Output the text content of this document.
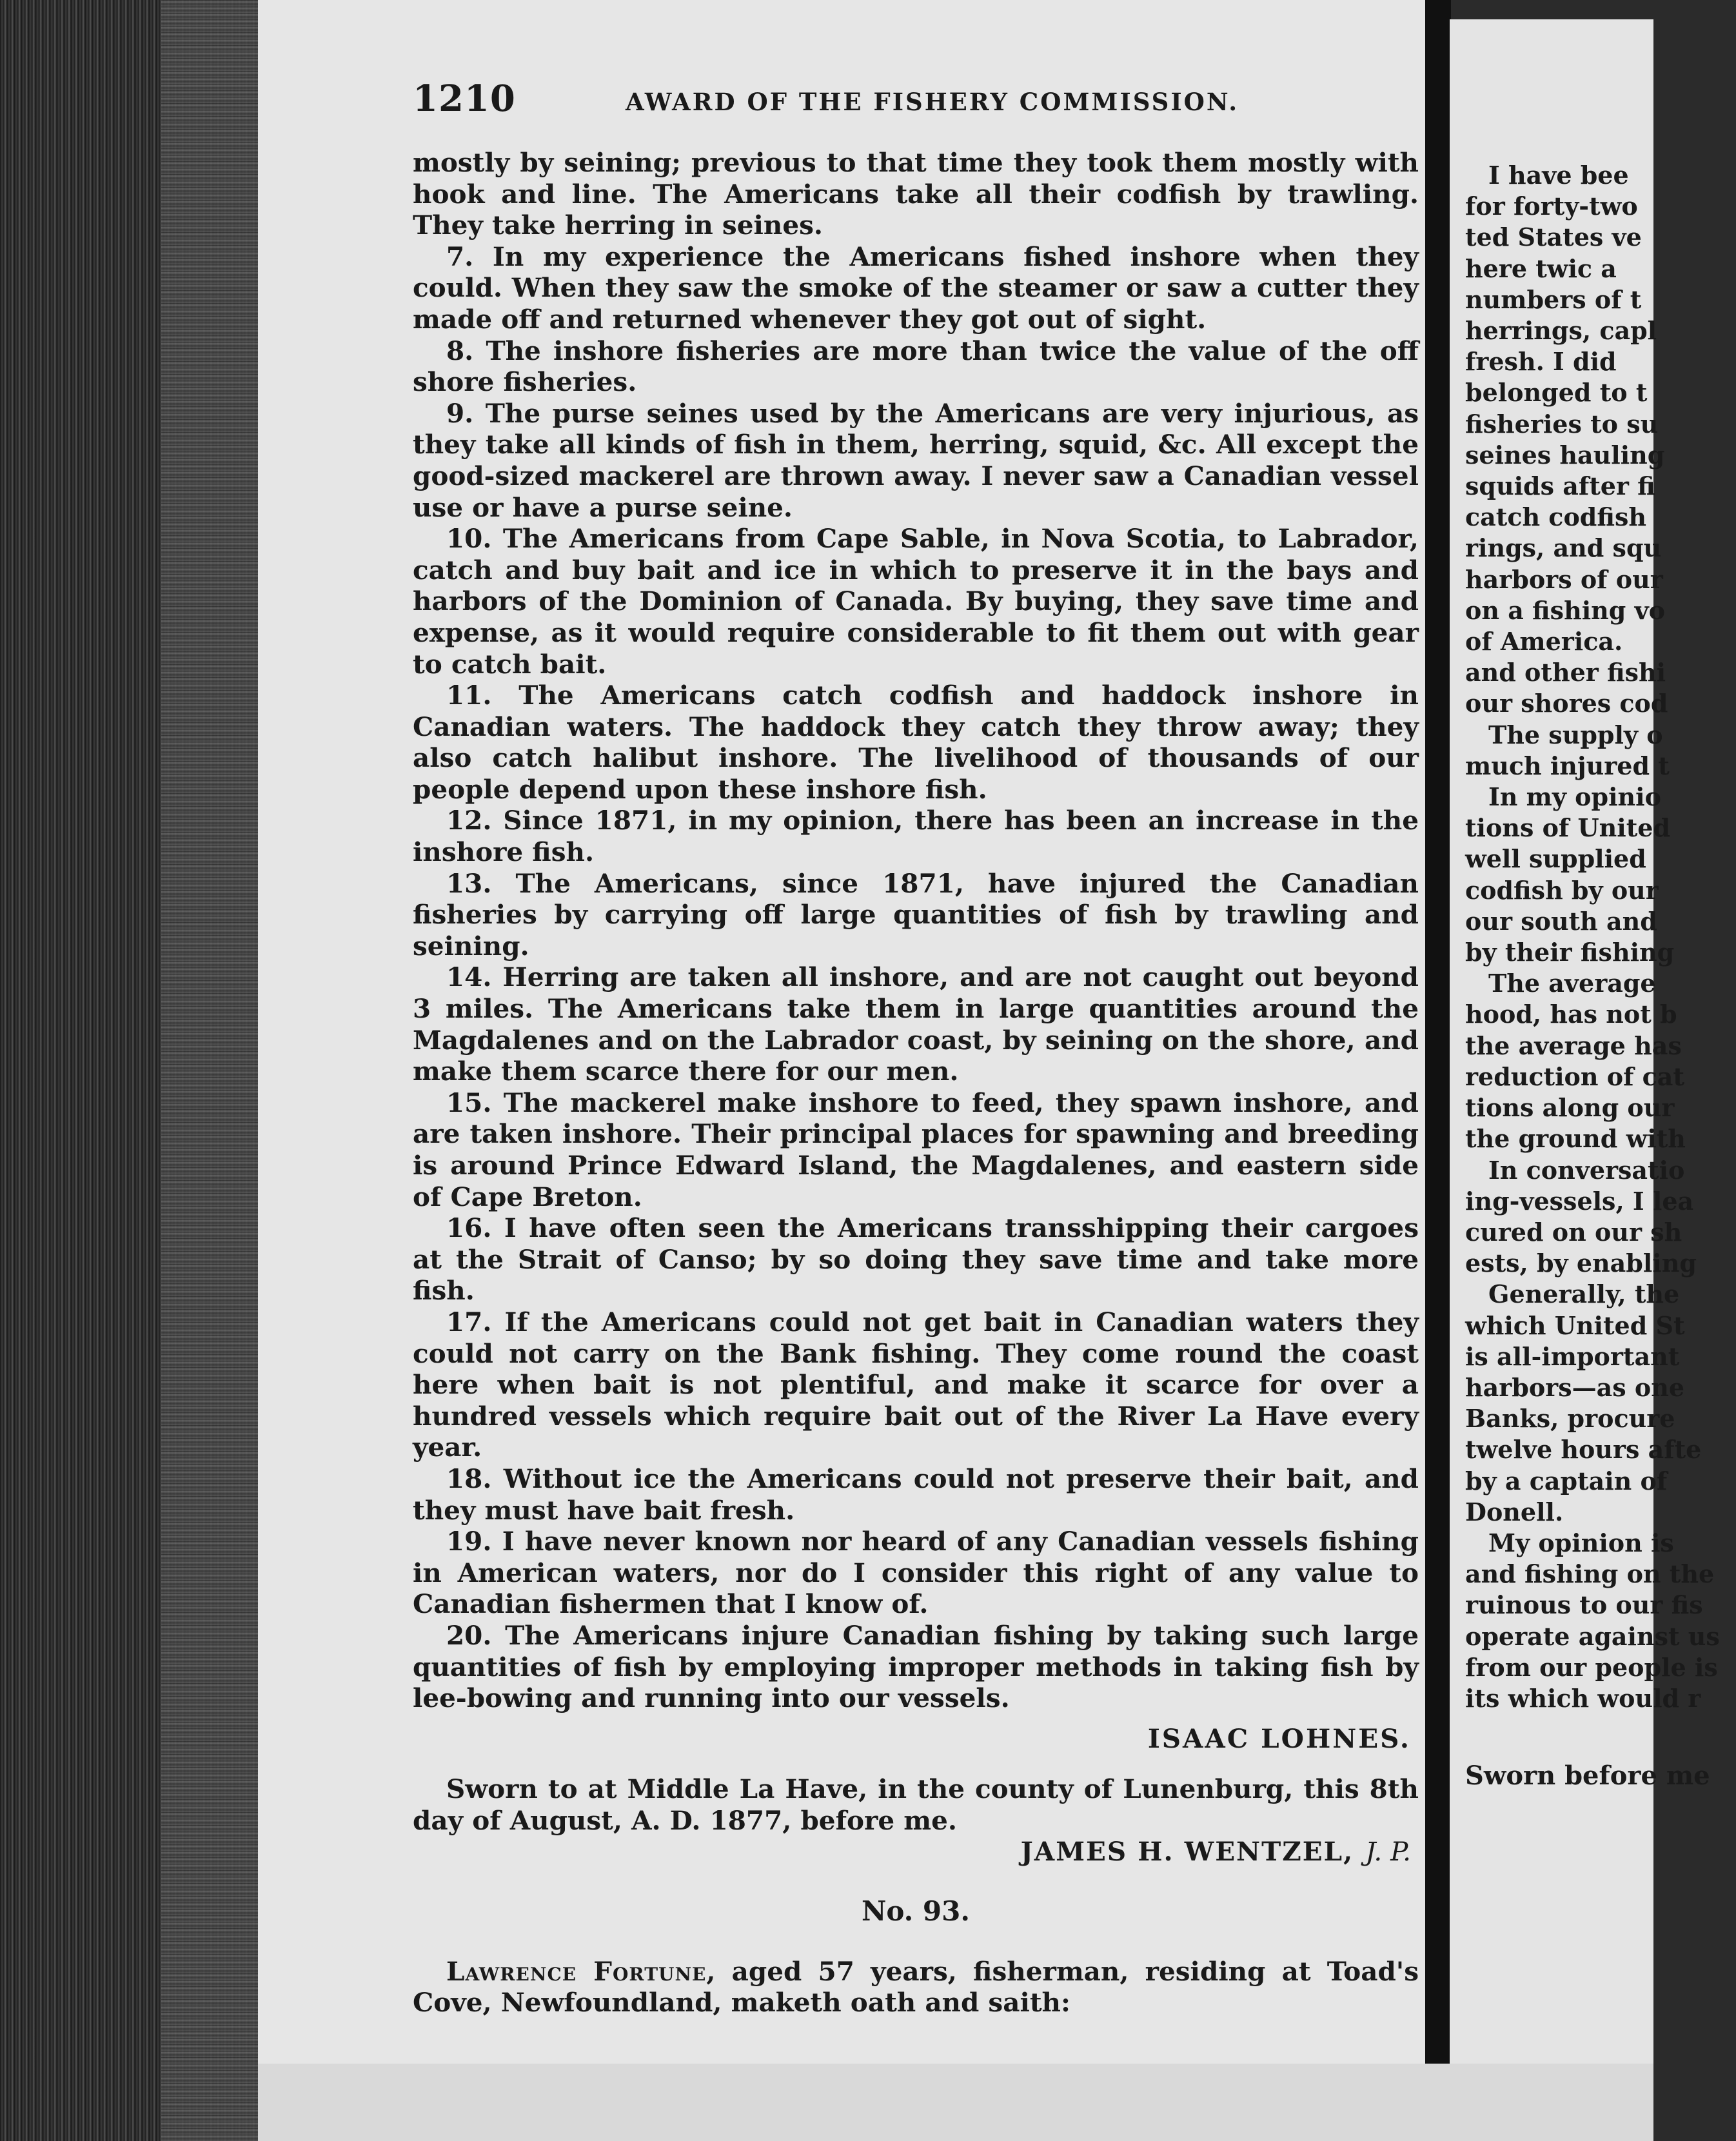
I have bee
for forty-two
ted States ve
here twic a
numbers of t
herrings, capl
fresh. I did
belonged to t
fisheries to su
seines hauling
squids after fi
catch codfish
rings, and squ
harbors of our
on a fishing vo
of America.
and other fishi
our shores cod
The supply o
much injured t
In my opinio
tions of United
well supplied
codfish by our
our south and
by their fishing
The average
hood, has not b
the average has
reduction of cat
tions along our
the ground with
In conversatio
ing-vessels, I lea
cured on our sh
ests, by enabling
Generally, the
which United St
is all-important
harbors—as one
Banks, procure
twelve hours afte
by a captain of
Donell.
My opinion is
and fishing on the
ruinous to our fis
operate against us
from our people is
its which would r
Sworn before me
1210	AWARD OF THE FISHERY COMMISSION.

mostly by seining; previous to that time they took them mostly with hook and line. The Americans take all their codfish by trawling. They take herring in seines.

7. In my experience the Americans fished inshore when they could. When they saw the smoke of the steamer or saw a cutter they made off and returned whenever they got out of sight.

8. The inshore fisheries are more than twice the value of the off shore fisheries.

9. The purse seines used by the Americans are very injurious, as they take all kinds of fish in them, herring, squid, &c. All except the good-sized mackerel are thrown away. I never saw a Canadian vessel use or have a purse seine.

10. The Americans from Cape Sable, in Nova Scotia, to Labrador, catch and buy bait and ice in which to preserve it in the bays and harbors of the Dominion of Canada. By buying, they save time and expense, as it would require considerable to fit them out with gear to catch bait.

11. The Americans catch codfish and haddock inshore in Canadian waters. The haddock they catch they throw away; they also catch halibut inshore. The livelihood of thousands of our people depend upon these inshore fish.

12. Since 1871, in my opinion, there has been an increase in the inshore fish.

13. The Americans, since 1871, have injured the Canadian fisheries by carrying off large quantities of fish by trawling and seining.

14. Herring are taken all inshore, and are not caught out beyond 3 miles. The Americans take them in large quantities around the Magdalenes and on the Labrador coast, by seining on the shore, and make them scarce there for our men.

15. The mackerel make inshore to feed, they spawn inshore, and are taken inshore. Their principal places for spawning and breeding is around Prince Edward Island, the Magdalenes, and eastern side of Cape Breton.

16. I have often seen the Americans transshipping their cargoes at the Strait of Canso; by so doing they save time and take more fish.

17. If the Americans could not get bait in Canadian waters they could not carry on the Bank fishing. They come round the coast here when bait is not plentiful, and make it scarce for over a hundred vessels which require bait out of the River La Have every year.

18. Without ice the Americans could not preserve their bait, and they must have bait fresh.

19. I have never known nor heard of any Canadian vessels fishing in American waters, nor do I consider this right of any value to Canadian fishermen that I know of.

20. The Americans injure Canadian fishing by taking such large quantities of fish by employing improper methods in taking fish by lee-bowing and running into our vessels.

ISAAC LOHNES.

Sworn to at Middle La Have, in the county of Lunenburg, this 8th day of August, A. D. 1877, before me.

JAMES H. WENTZEL, J. P.

No. 93.

Lawrence Fortune, aged 57 years, fisherman, residing at Toad's Cove, Newfoundland, maketh oath and saith:
